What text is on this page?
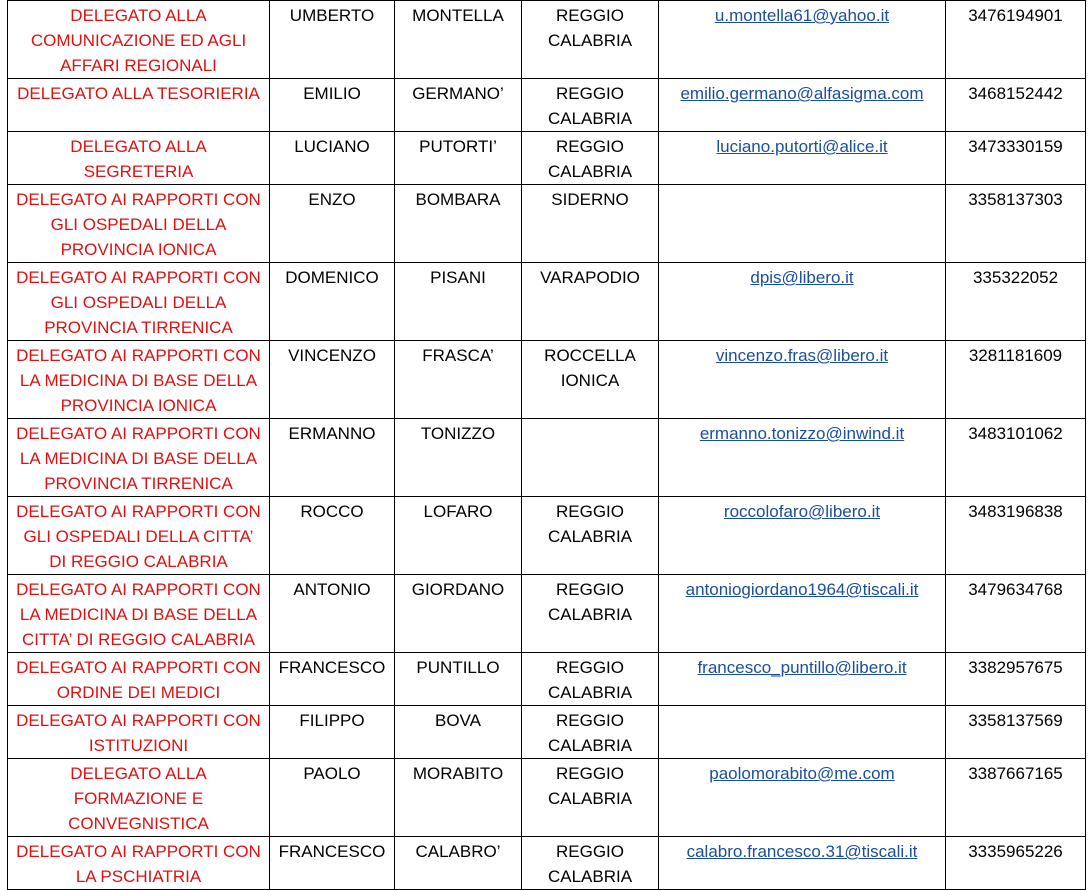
DELEGATO ALLA COMUNICAZIONE ED AGLI AFFARI REGIONALI	UMBERTO	MONTELLA	REGGIO CALABRIA	u.montella61@yahoo.it	3476194901
DELEGATO ALLA TESORIERIA	EMILIO	GERMANO’	REGGIO CALABRIA	emilio.germano@alfasigma.com	3468152442
DELEGATO ALLA SEGRETERIA	LUCIANO	PUTORTI’	REGGIO CALABRIA	luciano.putorti@alice.it	3473330159
DELEGATO AI RAPPORTI CON GLI OSPEDALI DELLA PROVINCIA IONICA	ENZO	BOMBARA	SIDERNO		3358137303
DELEGATO AI RAPPORTI CON GLI OSPEDALI DELLA PROVINCIA TIRRENICA	DOMENICO	PISANI	VARAPODIO	dpis@libero.it	335322052
DELEGATO AI RAPPORTI CON LA MEDICINA DI BASE DELLA PROVINCIA IONICA	VINCENZO	FRASCA’	ROCCELLA IONICA	vincenzo.fras@libero.it	3281181609
DELEGATO AI RAPPORTI CON LA MEDICINA DI BASE DELLA PROVINCIA TIRRENICA	ERMANNO	TONIZZO		ermanno.tonizzo@inwind.it	3483101062
DELEGATO AI RAPPORTI CON GLI OSPEDALI DELLA CITTA’ DI REGGIO CALABRIA	ROCCO	LOFARO	REGGIO CALABRIA	roccolofaro@libero.it	3483196838
DELEGATO AI RAPPORTI CON LA MEDICINA DI BASE DELLA CITTA’ DI REGGIO CALABRIA	ANTONIO	GIORDANO	REGGIO CALABRIA	antoniogiordano1964@tiscali.it	3479634768
DELEGATO AI RAPPORTI CON ORDINE DEI MEDICI	FRANCESCO	PUNTILLO	REGGIO CALABRIA	francesco_puntillo@libero.it	3382957675
DELEGATO AI RAPPORTI CON ISTITUZIONI	FILIPPO	BOVA	REGGIO CALABRIA		3358137569
DELEGATO ALLA FORMAZIONE E CONVEGNISTICA	PAOLO	MORABITO	REGGIO CALABRIA	paolomorabito@me.com	3387667165
DELEGATO AI RAPPORTI CON LA PSCHIATRIA	FRANCESCO	CALABRO’	REGGIO CALABRIA	calabro.francesco.31@tiscali.it	3335965226
